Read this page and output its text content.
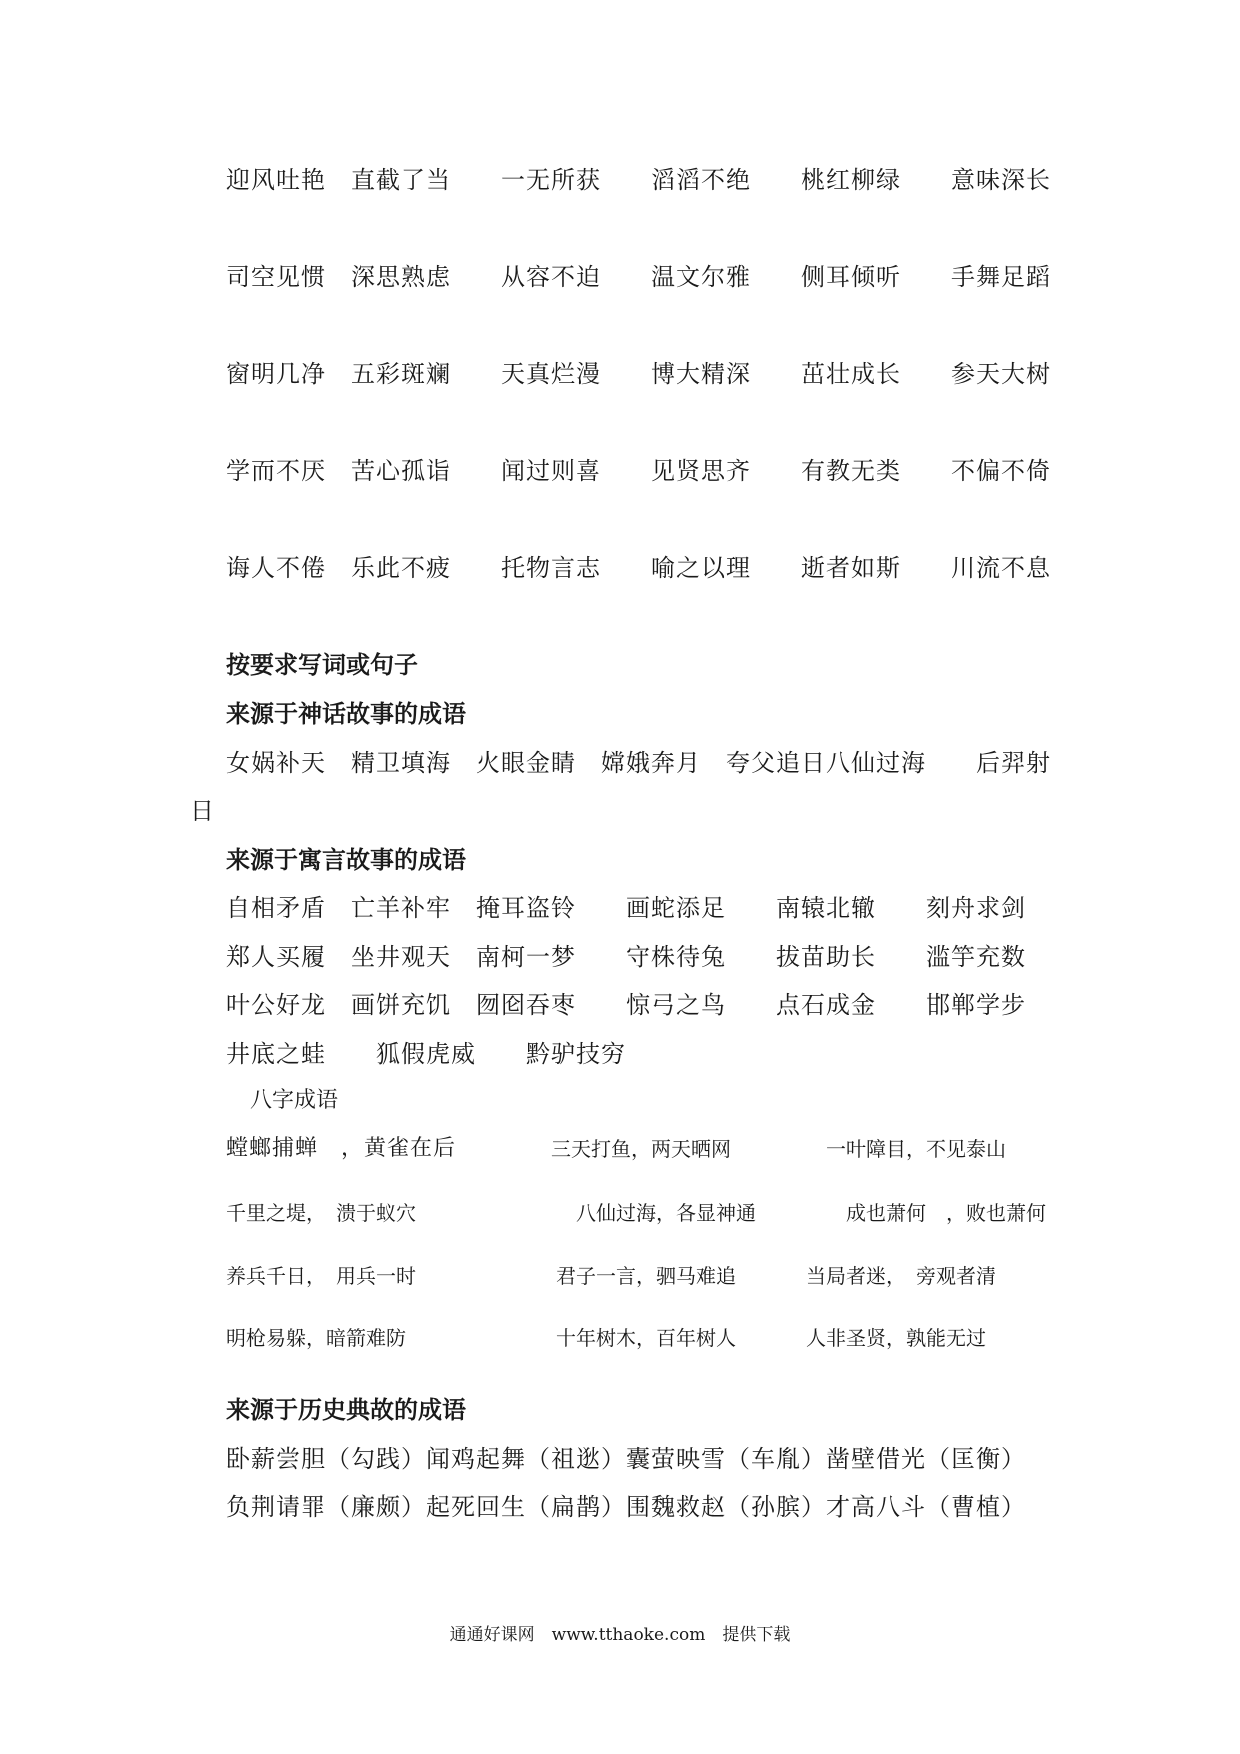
迎风吐艳 直截了当 一无所获 滔滔不绝 桃红柳绿 意味深长
司空见惯 深思熟虑 从容不迫 温文尔雅 侧耳倾听 手舞足蹈
窗明几净 五彩斑斓 天真烂漫 博大精深 茁壮成长 参天大树
学而不厌 苦心孤诣 闻过则喜 见贤思齐 有教无类 不偏不倚
诲人不倦 乐此不疲 托物言志 喻之以理 逝者如斯 川流不息
按要求写词或句子
来源于神话故事的成语
女娲补天　精卫填海　火眼金睛　嫦娥奔月　夸父追日八仙过海　　后羿射
日
来源于寓言故事的成语
自相矛盾 亡羊补牢 掩耳盗铃 画蛇添足 南辕北辙 刻舟求剑
郑人买履 坐井观天 南柯一梦 守株待兔 拔苗助长 滥竽充数
叶公好龙 画饼充饥 囫囵吞枣 惊弓之鸟 点石成金 邯郸学步
井底之蛙 狐假虎威 黔驴技穷
八字成语
螳螂捕蝉　，黄雀在后	三天打鱼，两天晒网	一叶障目，不见泰山
千里之堤，　溃于蚁穴	八仙过海，各显神通	成也萧何　，败也萧何
养兵千日，　用兵一时	君子一言，驷马难追	当局者迷，　旁观者清
明枪易躲，暗箭难防	十年树木，百年树人	人非圣贤，孰能无过
来源于历史典故的成语
卧薪尝胆（勾践）闻鸡起舞（祖逖）囊萤映雪（车胤）凿壁借光（匡衡）
负荆请罪（廉颇）起死回生（扁鹊）围魏救赵（孙膑）才高八斗（曹植）
通通好课网　www.tthaoke.com　提供下载
